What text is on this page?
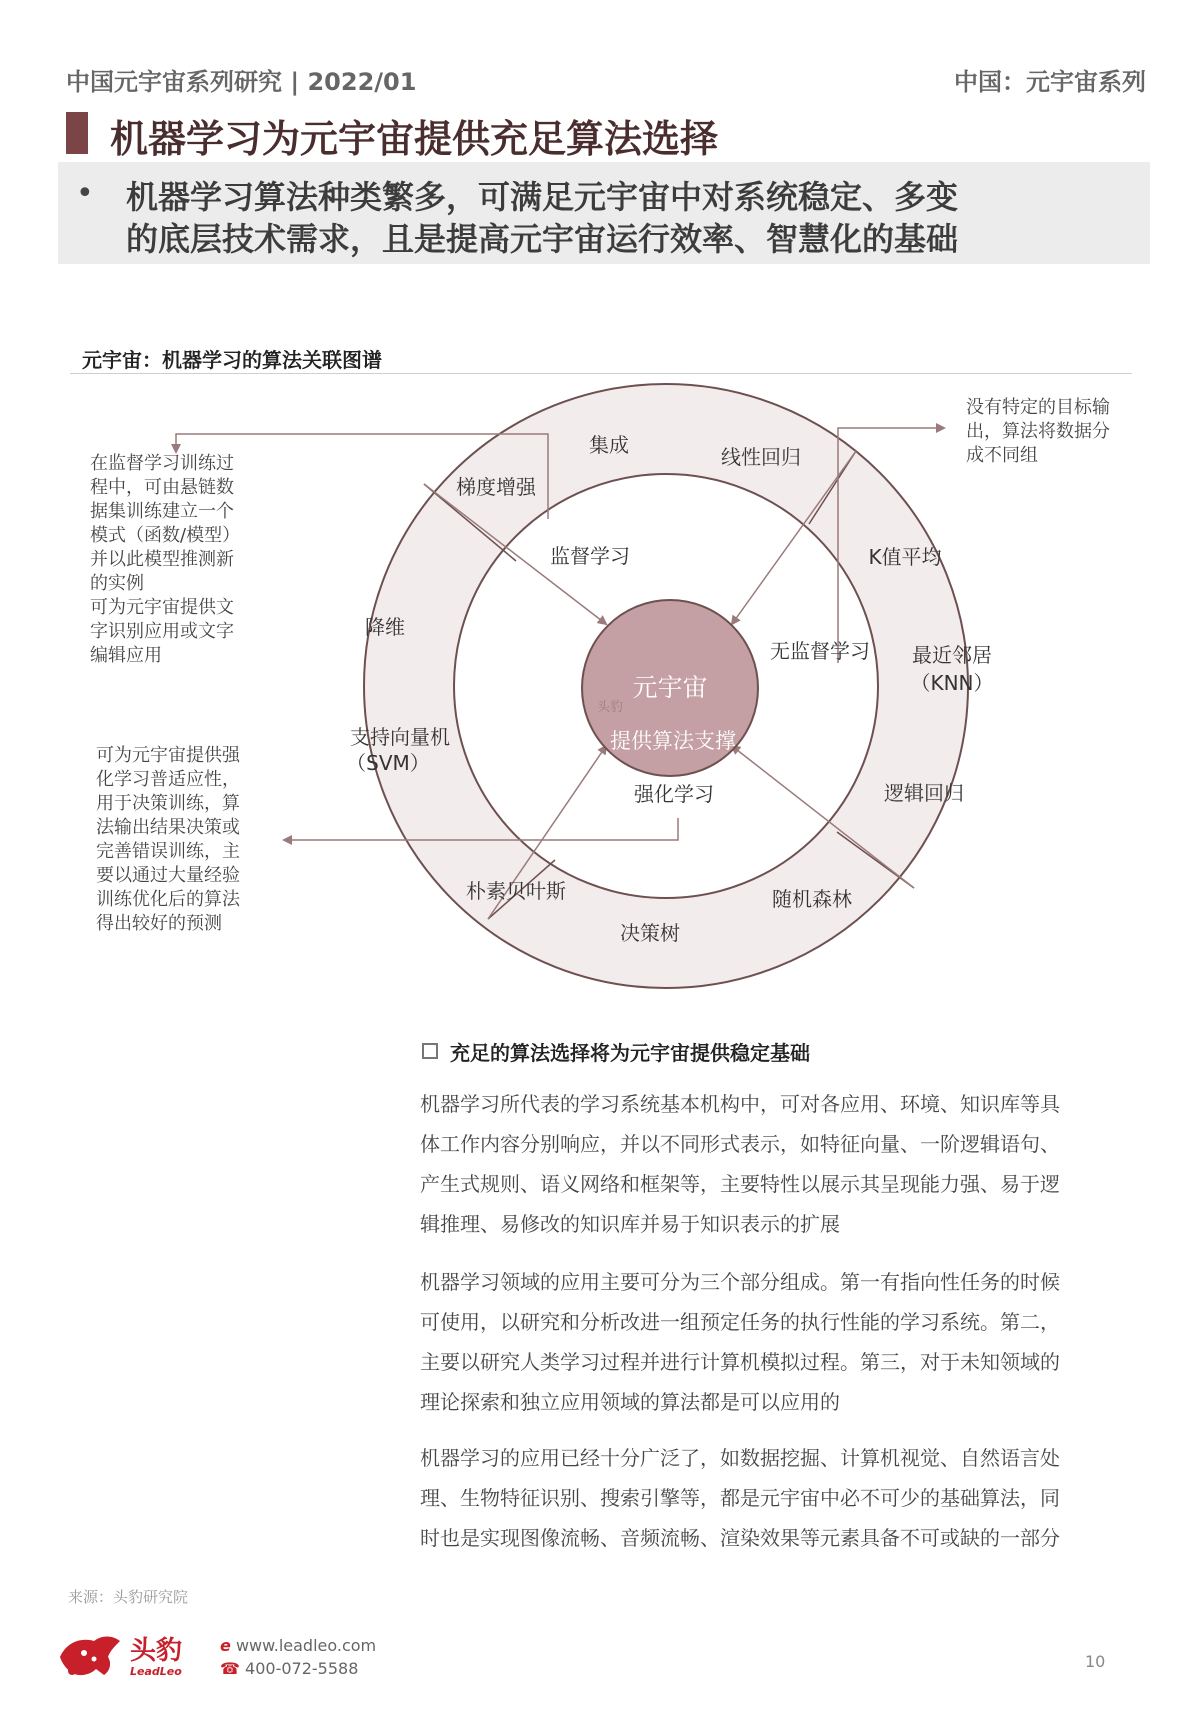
中国元宇宙系列研究 | 2022/01	中国：元宇宙系列
机器学习为元宇宙提供充足算法选择
• 机器学习算法种类繁多，可满足元宇宙中对系统稳定、多变
的底层技术需求，且是提高元宇宙运行效率、智慧化的基础
元宇宙：机器学习的算法关联图谱
元宇宙
提供算法支撑
头豹
监督学习
无监督学习
强化学习
集成	线性回归
梯度增强
K值平均
最近邻居
（KNN）
降维
支持向量机
（SVM）
逻辑回归
朴素贝叶斯	随机森林
决策树
在监督学习训练过
程中，可由悬链数
据集训练建立一个
模式（函数/模型）
并以此模型推测新
的实例
可为元宇宙提供文
字识别应用或文字
编辑应用
没有特定的目标输
出，算法将数据分
成不同组
可为元宇宙提供强
化学习普适应性，
用于决策训练，算
法输出结果决策或
完善错误训练，主
要以通过大量经验
训练优化后的算法
得出较好的预测
充足的算法选择将为元宇宙提供稳定基础
机器学习所代表的学习系统基本机构中，可对各应用、环境、知识库等具
体工作内容分别响应，并以不同形式表示，如特征向量、一阶逻辑语句、
产生式规则、语义网络和框架等，主要特性以展示其呈现能力强、易于逻
辑推理、易修改的知识库并易于知识表示的扩展
机器学习领域的应用主要可分为三个部分组成。第一有指向性任务的时候
可使用，以研究和分析改进一组预定任务的执行性能的学习系统。第二，
主要以研究人类学习过程并进行计算机模拟过程。第三，对于未知领域的
理论探索和独立应用领域的算法都是可以应用的
机器学习的应用已经十分广泛了，如数据挖掘、计算机视觉、自然语言处
理、生物特征识别、搜索引擎等，都是元宇宙中必不可少的基础算法，同
时也是实现图像流畅、音频流畅、渲染效果等元素具备不可或缺的一部分
来源：头豹研究院
头豹
LeadLeo
e www.leadleo.com
☎ 400-072-5588	10
